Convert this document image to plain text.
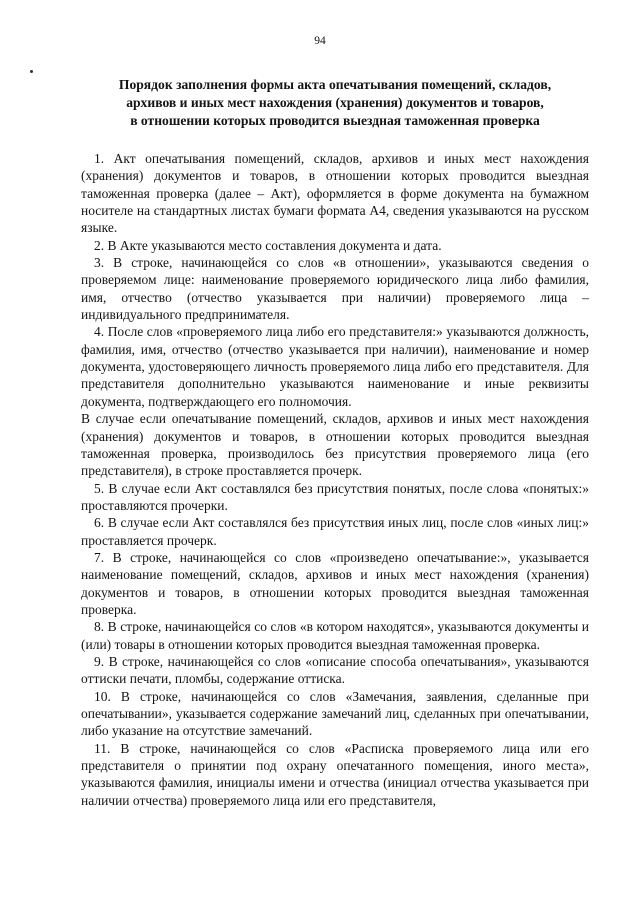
94
Порядок заполнения формы акта опечатывания помещений, складов,
архивов и иных мест нахождения (хранения) документов и товаров,
в отношении которых проводится выездная таможенная проверка

1. Акт опечатывания помещений, складов, архивов и иных мест нахождения (хранения) документов и товаров, в отношении которых проводится выездная таможенная проверка (далее – Акт), оформляется в форме документа на бумажном носителе на стандартных листах бумаги формата А4, сведения указываются на русском языке.

2. В Акте указываются место составления документа и дата.

3. В строке, начинающейся со слов «в отношении», указываются сведения о проверяемом лице: наименование проверяемого юридического лица либо фамилия, имя, отчество (отчество указывается при наличии) проверяемого лица – индивидуального предпринимателя.

4. После слов «проверяемого лица либо его представителя:» указываются должность, фамилия, имя, отчество (отчество указывается при наличии), наименование и номер документа, удостоверяющего личность проверяемого лица либо его представителя. Для представителя дополнительно указываются наименование и иные реквизиты документа, подтверждающего его полномочия.

В случае если опечатывание помещений, складов, архивов и иных мест нахождения (хранения) документов и товаров, в отношении которых проводится выездная таможенная проверка, производилось без присутствия проверяемого лица (его представителя), в строке проставляется прочерк.

5. В случае если Акт составлялся без присутствия понятых, после слова «понятых:» проставляются прочерки.

6. В случае если Акт составлялся без присутствия иных лиц, после слов «иных лиц:» проставляется прочерк.

7. В строке, начинающейся со слов «произведено опечатывание:», указывается наименование помещений, складов, архивов и иных мест нахождения (хранения) документов и товаров, в отношении которых проводится выездная таможенная проверка.

8. В строке, начинающейся со слов «в котором находятся», указываются документы и (или) товары в отношении которых проводится выездная таможенная проверка.

9. В строке, начинающейся со слов «описание способа опечатывания», указываются оттиски печати, пломбы, содержание оттиска.

10. В строке, начинающейся со слов «Замечания, заявления, сделанные при опечатывании», указывается содержание замечаний лиц, сделанных при опечатывании, либо указание на отсутствие замечаний.

11. В строке, начинающейся со слов «Расписка проверяемого лица или его представителя о принятии под охрану опечатанного помещения, иного места», указываются фамилия, инициалы имени и отчества (инициал отчества указывается при наличии отчества) проверяемого лица или его представителя,
